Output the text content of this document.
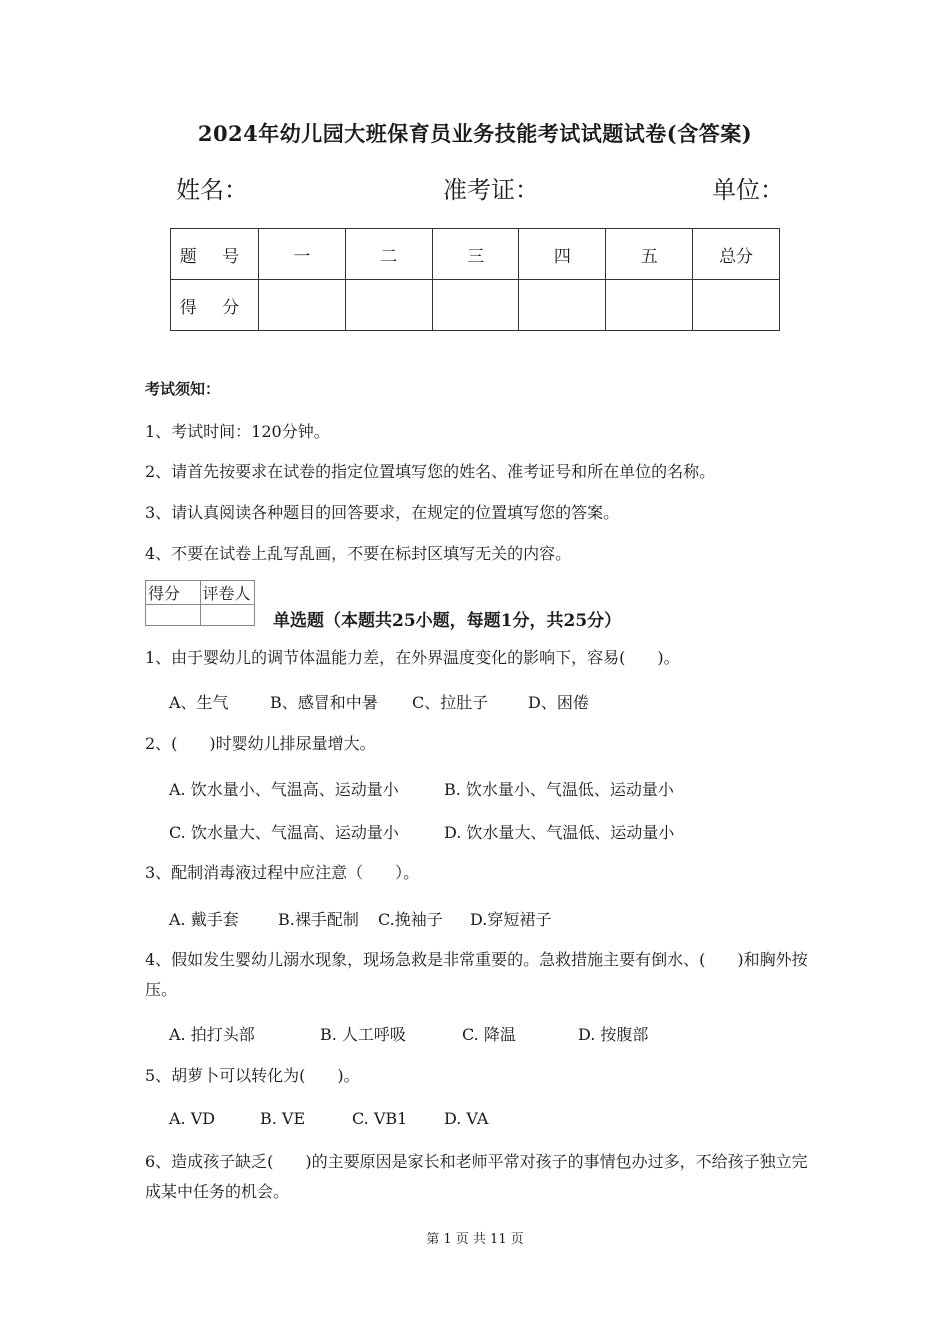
2024年幼儿园大班保育员业务技能考试试题试卷(含答案)
姓名：	准考证：	单位：
题 号	一	二	三	四	五	总分
得 分						
考试须知：
1、考试时间：120分钟。
2、请首先按要求在试卷的指定位置填写您的姓名、准考证号和所在单位的名称。
3、请认真阅读各种题目的回答要求，在规定的位置填写您的答案。
4、不要在试卷上乱写乱画，不要在标封区填写无关的内容。
得分	评卷人

单选题（本题共25小题，每题1分，共25分）
1、由于婴幼儿的调节体温能力差，在外界温度变化的影响下，容易(　　)。
A、生气	B、感冒和中暑 C、拉肚子 D、困倦
2、(　　)时婴幼儿排尿量增大。
A. 饮水量小、气温高、运动量小	B. 饮水量小、气温低、运动量小
C. 饮水量大、气温高、运动量小	D. 饮水量大、气温低、运动量小
3、配制消毒液过程中应注意（　　）。
A. 戴手套 B.裸手配制 C.挽袖子 D.穿短裙子
4、假如发生婴幼儿溺水现象，现场急救是非常重要的。急救措施主要有倒水、(　　)和胸外按压。
A. 拍打头部	B. 人工呼吸	C. 降温	D. 按腹部
5、胡萝卜可以转化为(　　)。
A. VD	B. VE	C. VB1 D. VA
6、造成孩子缺乏(　　)的主要原因是家长和老师平常对孩子的事情包办过多，不给孩子独立完成某中任务的机会。
第 1 页 共 11 页
